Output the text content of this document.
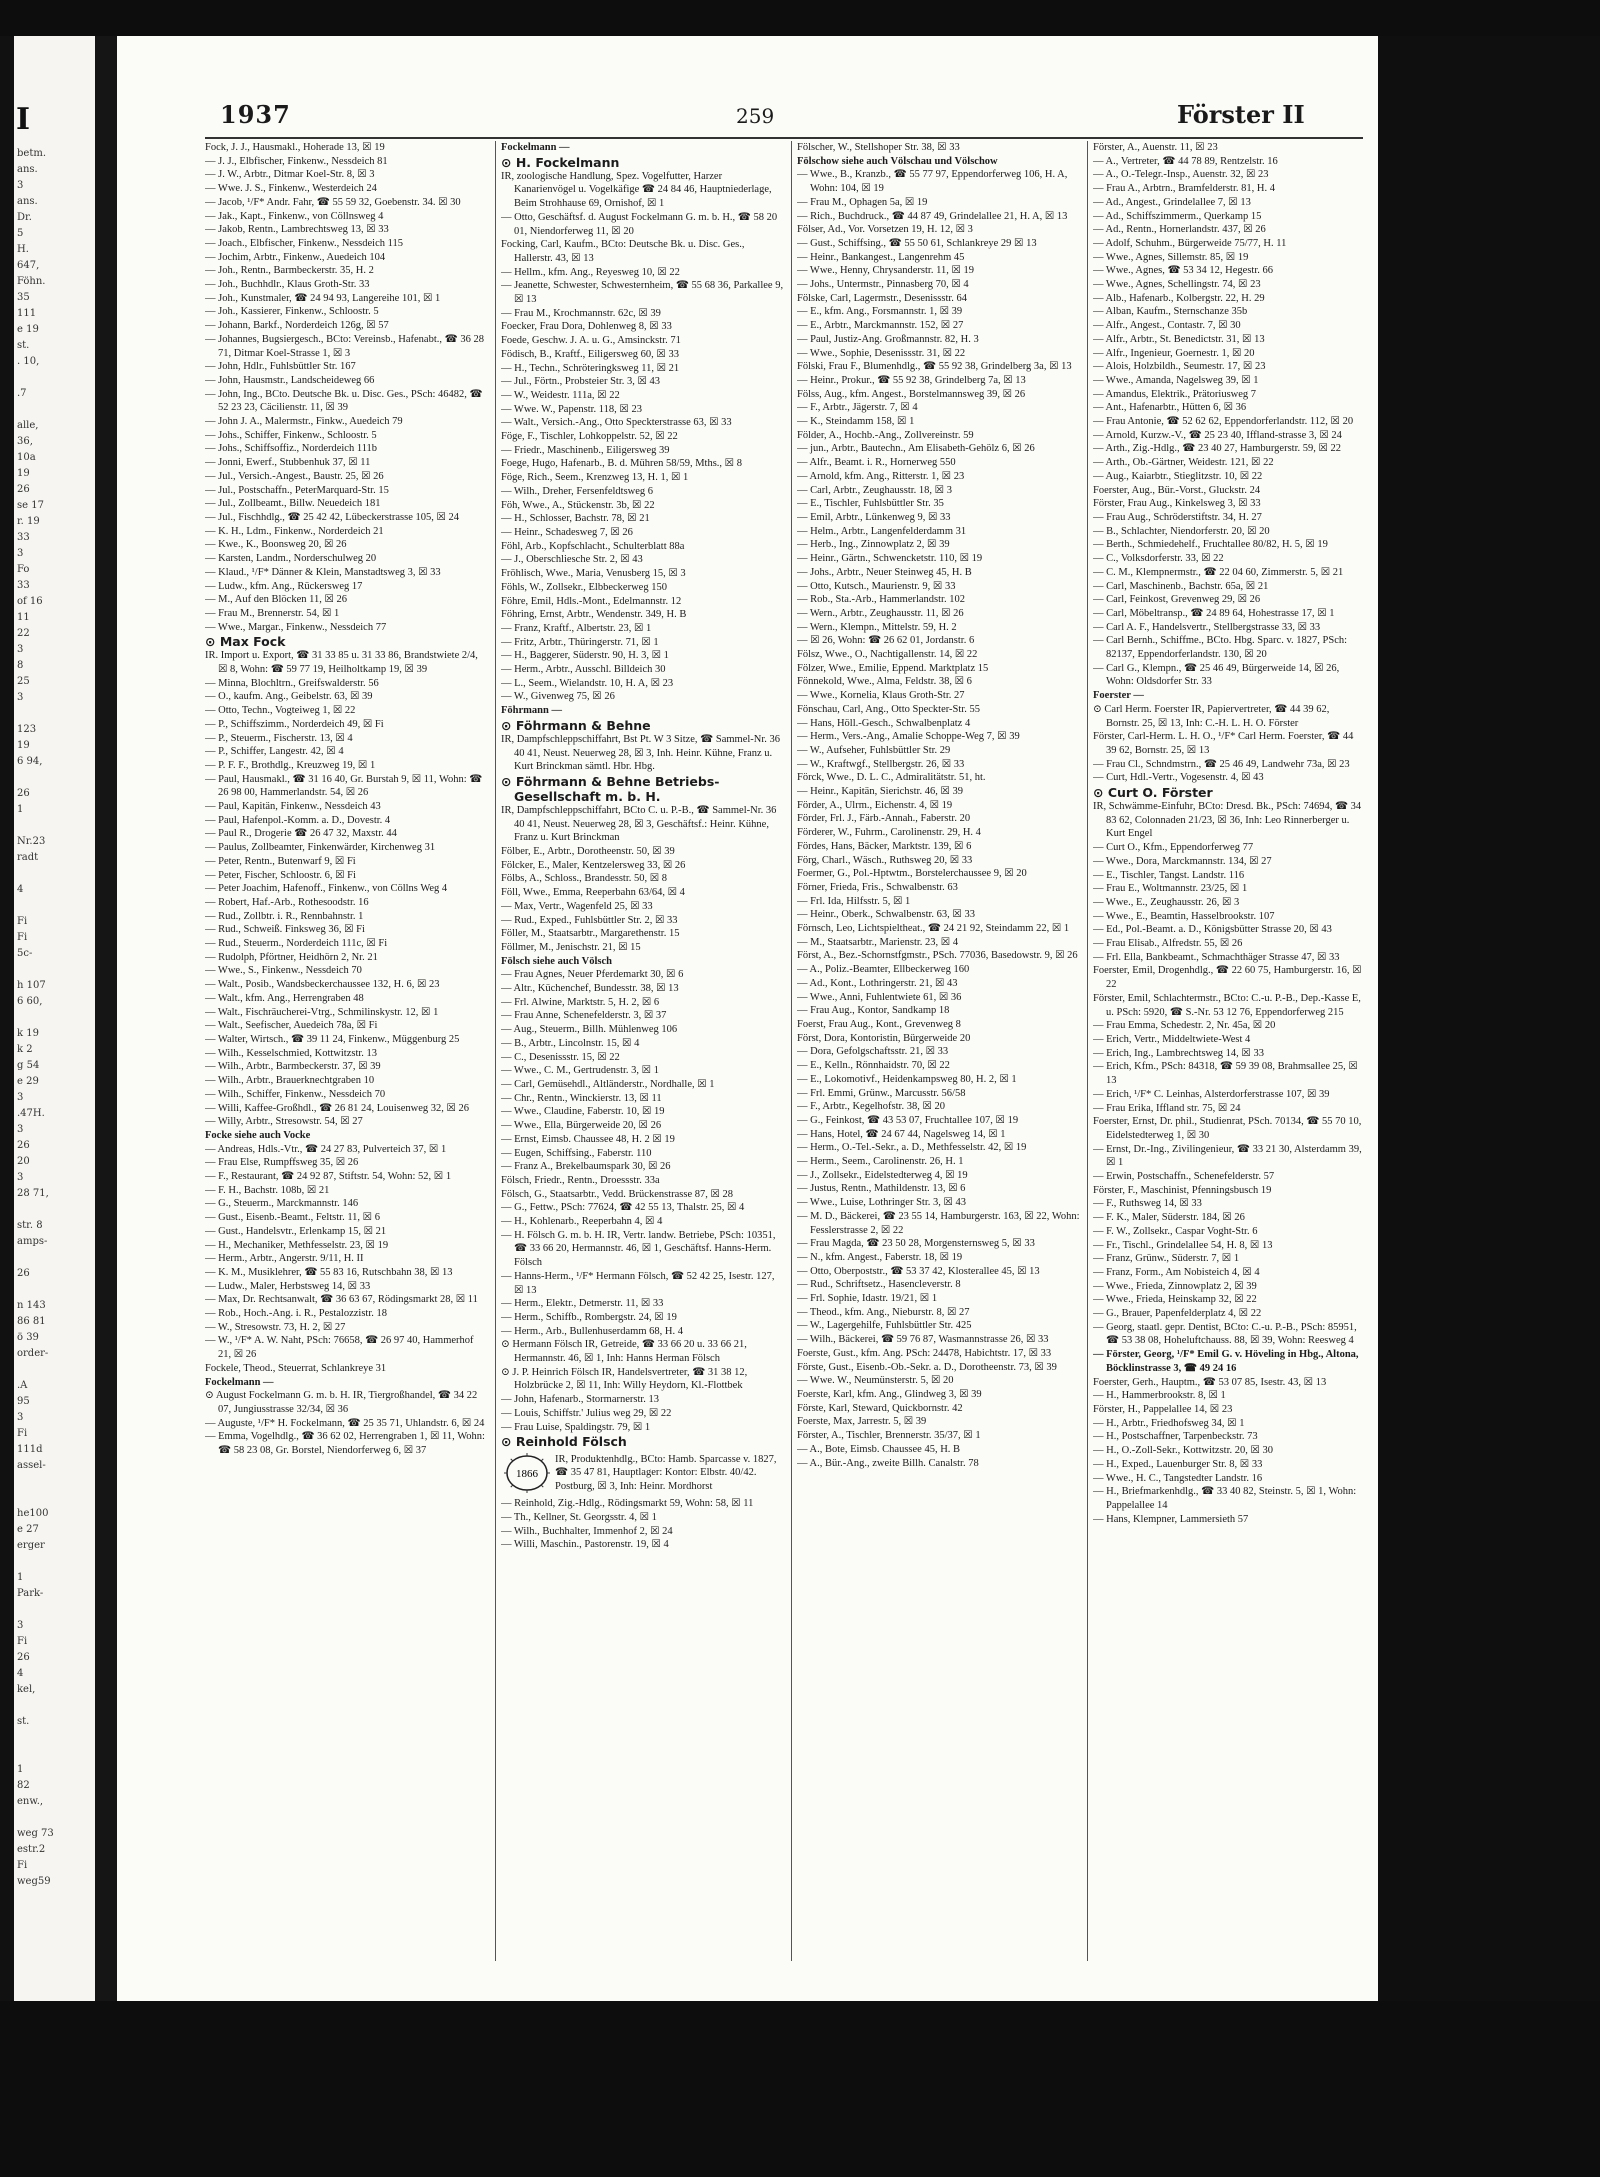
I
betm.
ans.
3
ans.
Dr.
5
H.
647,
Föhn.
35
111
e 19
st.
. 10,
.7
alle,
36,
10a
19
26
se 17
r. 19
33
3
Fo
33
of 16
11
22
3
8
25
3
123
19
6 94,
26
1
Nr.23
radt
4
Fi
Fi
5c-
h 107
6 60,
k 19
k 2
g 54
e 29
3
.47H.
3
26
20
3
28 71,
str. 8
amps-
26
n 143
86 81
ö 39
order-
.A
95
3
Fi
111d
assel-
he100
e 27
erger
1
Park-
3
Fi
26
4
kel,
st.
1
82
enw.,
weg 73
estr.2
Fi
weg59
1937	259	Förster II

Fock, J. J., Hausmakl., Hoherade 13, ☒ 19

— J. J., Elbfischer, Finkenw., Nessdeich 81

— J. W., Arbtr., Ditmar Koel-Str. 8, ☒ 3

— Wwe. J. S., Finkenw., Westerdeich 24

— Jacob, ¹/F* Andr. Fahr, ☎ 55 59 32, Goebenstr. 34. ☒ 30

— Jak., Kapt., Finkenw., von Cöllnsweg 4

— Jakob, Rentn., Lambrechtsweg 13, ☒ 33

— Joach., Elbfischer, Finkenw., Nessdeich 115

— Jochim, Arbtr., Finkenw., Auedeich 104

— Joh., Rentn., Barmbeckerstr. 35, H. 2

— Joh., Buchhdlr., Klaus Groth-Str. 33

— Joh., Kunstmaler, ☎ 24 94 93, Langereihe 101, ☒ 1

— Joh., Kassierer, Finkenw., Schloostr. 5

— Johann, Barkf., Norderdeich 126g, ☒ 57

— Johannes, Bugsiergesch., BCto: Vereinsb., Hafenabt., ☎ 36 28 71, Ditmar Koel-Strasse 1, ☒ 3

— John, Hdlr., Fuhlsbüttler Str. 167

— John, Hausmstr., Landscheideweg 66

— John, Ing., BCto. Deutsche Bk. u. Disc. Ges., PSch: 46482, ☎ 52 23 23, Cäcilienstr. 11, ☒ 39

— John J. A., Malermstr., Finkw., Auedeich 79

— Johs., Schiffer, Finkenw., Schloostr. 5

— Johs., Schiffsoffiz., Norderdeich 111b

— Jonni, Ewerf., Stubbenhuk 37, ☒ 11

— Jul., Versich.-Angest., Baustr. 25, ☒ 26

— Jul., Postschaffn., PeterMarquard-Str. 15

— Jul., Zollbeamt., Billw. Neuedeich 181

— Jul., Fischhdlg., ☎ 25 42 42, Lübeckerstrasse 105, ☒ 24

— K. H., Ldm., Finkenw., Norderdeich 21

— Kwe., K., Boonsweg 20, ☒ 26

— Karsten, Landm., Norderschulweg 20

— Klaud., ¹/F* Dänner & Klein, Manstadtsweg 3, ☒ 33

— Ludw., kfm. Ang., Rückersweg 17

— M., Auf den Blöcken 11, ☒ 26

— Frau M., Brennerstr. 54, ☒ 1

— Wwe., Margar., Finkenw., Nessdeich 77

⊙ Max Fock

IR. Import u. Export, ☎ 31 33 85 u. 31 33 86, Brandstwiete 2/4, ☒ 8, Wohn: ☎ 59 77 19, Heilholtkamp 19, ☒ 39

— Minna, Blochltrn., Greifswalderstr. 56

— O., kaufm. Ang., Geibelstr. 63, ☒ 39

— Otto, Techn., Vogteiweg 1, ☒ 22

— P., Schiffszimm., Norderdeich 49, ☒ Fi

— P., Steuerm., Fischerstr. 13, ☒ 4

— P., Schiffer, Langestr. 42, ☒ 4

— P. F. F., Brothdlg., Kreuzweg 19, ☒ 1

— Paul, Hausmakl., ☎ 31 16 40, Gr. Burstah 9, ☒ 11, Wohn: ☎ 26 98 00, Hammerlandstr. 54, ☒ 26

— Paul, Kapitän, Finkenw., Nessdeich 43

— Paul, Hafenpol.-Komm. a. D., Dovestr. 4

— Paul R., Drogerie ☎ 26 47 32, Maxstr. 44

— Paulus, Zollbeamter, Finkenwärder, Kirchenweg 31

— Peter, Rentn., Butenwarf 9, ☒ Fi

— Peter, Fischer, Schloostr. 6, ☒ Fi

— Peter Joachim, Hafenoff., Finkenw., von Cöllns Weg 4

— Robert, Haf.-Arb., Rothesoodstr. 16

— Rud., Zollbtr. i. R., Rennbahnstr. 1

— Rud., Schweiß. Finksweg 36, ☒ Fi

— Rud., Steuerm., Norderdeich 111c, ☒ Fi

— Rudolph, Pförtner, Heidhörn 2, Nr. 21

— Wwe., S., Finkenw., Nessdeich 70

— Walt., Posib., Wandsbeckerchaussee 132, H. 6, ☒ 23

— Walt., kfm. Ang., Herrengraben 48

— Walt., Fischräucherei-Vtrg., Schmilinskystr. 12, ☒ 1

— Walt., Seefischer, Auedeich 78a, ☒ Fi

— Walter, Wirtsch., ☎ 39 11 24, Finkenw., Müggenburg 25

— Wilh., Kesselschmied, Kottwitzstr. 13

— Wilh., Arbtr., Barmbeckerstr. 37, ☒ 39

— Wilh., Arbtr., Brauerknechtgraben 10

— Wilh., Schiffer, Finkenw., Nessdeich 70

— Willi, Kaffee-Großhdl., ☎ 26 81 24, Louisenweg 32, ☒ 26

— Willy, Arbtr., Stresowstr. 54, ☒ 27

Focke siehe auch Vocke

— Andreas, Hdls.-Vtr., ☎ 24 27 83, Pulverteich 37, ☒ 1

— Frau Else, Rumpffsweg 35, ☒ 26

— F., Restaurant, ☎ 24 92 87, Stiftstr. 54, Wohn: 52, ☒ 1

— F. H., Bachstr. 108b, ☒ 21

— G., Steuerm., Marckmannstr. 146

— Gust., Eisenb.-Beamt., Feltstr. 11, ☒ 6

— Gust., Handelsvtr., Erlenkamp 15, ☒ 21

— H., Mechaniker, Methfesselstr. 23, ☒ 19

— Herm., Arbtr., Angerstr. 9/11, H. II

— K. M., Musiklehrer, ☎ 55 83 16, Rutschbahn 38, ☒ 13

— Ludw., Maler, Herbstsweg 14, ☒ 33

— Max, Dr. Rechtsanwalt, ☎ 36 63 67, Rödingsmarkt 28, ☒ 11

— Rob., Hoch.-Ang. i. R., Pestalozzistr. 18

— W., Stresowstr. 73, H. 2, ☒ 27

— W., ¹/F* A. W. Naht, PSch: 76658, ☎ 26 97 40, Hammerhof 21, ☒ 26

Fockele, Theod., Steuerrat, Schlankreye 31

Fockelmann —

⊙ August Fockelmann G. m. b. H. IR, Tiergroßhandel, ☎ 34 22 07, Jungiusstrasse 32/34, ☒ 36

— Auguste, ¹/F* H. Fockelmann, ☎ 25 35 71, Uhlandstr. 6, ☒ 24

— Emma, Vogelhdlg., ☎ 36 62 02, Herrengraben 1, ☒ 11, Wohn: ☎ 58 23 08, Gr. Borstel, Niendorferweg 6, ☒ 37

Fockelmann —

⊙ H. Fockelmann

IR, zoologische Handlung, Spez. Vogelfutter, Harzer Kanarienvögel u. Vogelkäfige ☎ 24 84 46, Hauptniederlage, Beim Strohhause 69, Ornishof, ☒ 1

— Otto, Geschäftsf. d. August Fockelmann G. m. b. H., ☎ 58 20 01, Niendorferweg 11, ☒ 20

Focking, Carl, Kaufm., BCto: Deutsche Bk. u. Disc. Ges., Hallerstr. 43, ☒ 13

— Hellm., kfm. Ang., Reyesweg 10, ☒ 22

— Jeanette, Schwester, Schwesternheim, ☎ 55 68 36, Parkallee 9, ☒ 13

— Frau M., Krochmannstr. 62c, ☒ 39

Foecker, Frau Dora, Dohlenweg 8, ☒ 33

Foede, Geschw. J. A. u. G., Amsinckstr. 71

Födisch, B., Kraftf., Eiligersweg 60, ☒ 33

— H., Techn., Schröteringksweg 11, ☒ 21

— Jul., Förtn., Probsteier Str. 3, ☒ 43

— W., Weidestr. 111a, ☒ 22

— Wwe. W., Papenstr. 118, ☒ 23

— Walt., Versich.-Ang., Otto Speckterstrasse 63, ☒ 33

Föge, F., Tischler, Lohkoppelstr. 52, ☒ 22

— Friedr., Maschinenb., Eiligersweg 39

Foege, Hugo, Hafenarb., B. d. Mühren 58/59, Mths., ☒ 8

Föge, Rich., Seem., Krenzweg 13, H. 1, ☒ 1

— Wilh., Dreher, Fersenfeldtsweg 6

Föh, Wwe., A., Stückenstr. 3b, ☒ 22

— H., Schlosser, Bachstr. 78, ☒ 21

— Heinr., Schadesweg 7, ☒ 26

Föhl, Arb., Kopfschlacht., Schulterblatt 88a

— J., Oberschliesche Str. 2, ☒ 43

Fröhlisch, Wwe., Maria, Venusberg 15, ☒ 3

Föhls, W., Zollsekr., Elbbeckerweg 150

Föhre, Emil, Hdls.-Mont., Edelmannstr. 12

Föhring, Ernst, Arbtr., Wendenstr. 349, H. B

— Franz, Kraftf., Albertstr. 23, ☒ 1

— Fritz, Arbtr., Thüringerstr. 71, ☒ 1

— H., Baggerer, Süderstr. 90, H. 3, ☒ 1

— Herm., Arbtr., Ausschl. Billdeich 30

— L., Seem., Wielandstr. 10, H. A, ☒ 23

— W., Givenweg 75, ☒ 26

Föhrmann —

⊙ Föhrmann & Behne

IR, Dampfschleppschiffahrt, Bst Pt. W 3 Sitze, ☎ Sammel-Nr. 36 40 41, Neust. Neuerweg 28, ☒ 3, Inh. Heinr. Kühne, Franz u. Kurt Brinckman sämtl. Hbr. Hbg.

⊙ Föhrmann & Behne Betriebs-Gesellschaft m. b. H.

IR, Dampfschleppschiffahrt, BCto C. u. P.-B., ☎ Sammel-Nr. 36 40 41, Neust. Neuerweg 28, ☒ 3, Geschäftsf.: Heinr. Kühne, Franz u. Kurt Brinckman

Fölber, E., Arbtr., Dorotheenstr. 50, ☒ 39

Fölcker, E., Maler, Kentzelersweg 33, ☒ 26

Fölbs, A., Schloss., Brandesstr. 50, ☒ 8

Föll, Wwe., Emma, Reeperbahn 63/64, ☒ 4

— Max, Vertr., Wagenfeld 25, ☒ 33

— Rud., Exped., Fuhlsbüttler Str. 2, ☒ 33

Föller, M., Staatsarbtr., Margarethenstr. 15

Föllmer, M., Jenischstr. 21, ☒ 15

Fölsch siehe auch Völsch

— Frau Agnes, Neuer Pferdemarkt 30, ☒ 6

— Altr., Küchenchef, Bundesstr. 38, ☒ 13

— Frl. Alwine, Marktstr. 5, H. 2, ☒ 6

— Frau Anne, Schenefelderstr. 3, ☒ 37

— Aug., Steuerm., Billh. Mühlenweg 106

— B., Arbtr., Lincolnstr. 15, ☒ 4

— C., Desenissstr. 15, ☒ 22

— Wwe., C. M., Gertrudenstr. 3, ☒ 1

— Carl, Gemüsehdl., Altländerstr., Nordhalle, ☒ 1

— Chr., Rentn., Winckierstr. 13, ☒ 11

— Wwe., Claudine, Faberstr. 10, ☒ 19

— Wwe., Ella, Bürgerweide 20, ☒ 26

— Ernst, Eimsb. Chaussee 48, H. 2 ☒ 19

— Eugen, Schiffsing., Faberstr. 110

— Franz A., Brekelbaumspark 30, ☒ 26

Fölsch, Friedr., Rentn., Droessstr. 33a

Fölsch, G., Staatsarbtr., Vedd. Brückenstrasse 87, ☒ 28

— G., Fettw., PSch: 77624, ☎ 42 55 13, Thalstr. 25, ☒ 4

— H., Kohlenarb., Reeperbahn 4, ☒ 4

— H. Fölsch G. m. b. H. IR, Vertr. landw. Betriebe, PSch: 10351, ☎ 33 66 20, Hermannstr. 46, ☒ 1, Geschäftsf. Hanns-Herm. Fölsch

— Hanns-Herm., ¹/F* Hermann Fölsch, ☎ 52 42 25, Isestr. 127, ☒ 13

— Herm., Elektr., Detmerstr. 11, ☒ 33

— Herm., Schiffb., Rombergstr. 24, ☒ 19

— Herm., Arb., Bullenhuserdamm 68, H. 4

⊙ Hermann Fölsch IR, Getreide, ☎ 33 66 20 u. 33 66 21, Hermannstr. 46, ☒ 1, Inh: Hanns Herman Fölsch

⊙ J. P. Heinrich Fölsch IR, Handelsvertreter, ☎ 31 38 12, Holzbrücke 2, ☒ 11, Inh: Willy Heydorn, Kl.-Flottbek

— John, Hafenarb., Stormarnerstr. 13

— Louis, Schiffstr.' Julius weg 29, ☒ 22

— Frau Luise, Spaldingstr. 79, ☒ 1

⊙ Reinhold Fölsch

1866
IR, Produktenhdlg., BCto: Hamb. Sparcasse v. 1827, ☎ 35 47 81, Hauptlager: Kontor: Elbstr. 40/42. Postburg, ☒ 3, Inh: Heinr. Mordhorst

— Reinhold, Zig.-Hdlg., Rödingsmarkt 59, Wohn: 58, ☒ 11

— Th., Kellner, St. Georgsstr. 4, ☒ 1

— Wilh., Buchhalter, Immenhof 2, ☒ 24

— Willi, Maschin., Pastorenstr. 19, ☒ 4

Fölscher, W., Stellshoper Str. 38, ☒ 33

Fölschow siehe auch Völschau und Völschow

— Wwe., B., Kranzb., ☎ 55 77 97, Eppendorferweg 106, H. A, Wohn: 104, ☒ 19

— Frau M., Ophagen 5a, ☒ 19

— Rich., Buchdruck., ☎ 44 87 49, Grindelallee 21, H. A, ☒ 13

Fölser, Ad., Vor. Vorsetzen 19, H. 12, ☒ 3

— Gust., Schiffsing., ☎ 55 50 61, Schlankreye 29 ☒ 13

— Heinr., Bankangest., Langenrehm 45

— Wwe., Henny, Chrysanderstr. 11, ☒ 19

— Johs., Untermstr., Pinnasberg 70, ☒ 4

Fölske, Carl, Lagermstr., Desenissstr. 64

— E., kfm. Ang., Forsmannstr. 1, ☒ 39

— E., Arbtr., Marckmannstr. 152, ☒ 27

— Paul, Justiz-Ang. Großmannstr. 82, H. 3

— Wwe., Sophie, Desenissstr. 31, ☒ 22

Fölski, Frau F., Blumenhdlg., ☎ 55 92 38, Grindelberg 3a, ☒ 13

— Heinr., Prokur., ☎ 55 92 38, Grindelberg 7a, ☒ 13

Fölss, Aug., kfm. Angest., Borstelmannsweg 39, ☒ 26

— F., Arbtr., Jägerstr. 7, ☒ 4

— K., Steindamm 158, ☒ 1

Földer, A., Hochb.-Ang., Zollvereinstr. 59

— jun., Arbtr., Bautechn., Am Elisabeth-Gehölz 6, ☒ 26

— Alfr., Beamt. i. R., Hornerweg 550

— Arnold, kfm. Ang., Ritterstr. 1, ☒ 23

— Carl, Arbtr., Zeughausstr. 18, ☒ 3

— E., Tischler, Fuhlsbüttler Str. 35

— Emil, Arbtr., Lünkenweg 9, ☒ 33

— Helm., Arbtr., Langenfelderdamm 31

— Herb., Ing., Zinnowplatz 2, ☒ 39

— Heinr., Gärtn., Schwencketstr. 110, ☒ 19

— Johs., Arbtr., Neuer Steinweg 45, H. B

— Otto, Kutsch., Maurienstr. 9, ☒ 33

— Rob., Sta.-Arb., Hammerlandstr. 102

— Wern., Arbtr., Zeughausstr. 11, ☒ 26

— Wern., Klempn., Mittelstr. 59, H. 2

— ☒ 26, Wohn: ☎ 26 62 01, Jordanstr. 6

Fölsz, Wwe., O., Nachtigallenstr. 14, ☒ 22

Fölzer, Wwe., Emilie, Eppend. Marktplatz 15

Fönnekold, Wwe., Alma, Feldstr. 38, ☒ 6

— Wwe., Kornelia, Klaus Groth-Str. 27

Fönschau, Carl, Ang., Otto Speckter-Str. 55

— Hans, Höll.-Gesch., Schwalbenplatz 4

— Herm., Vers.-Ang., Amalie Schoppe-Weg 7, ☒ 39

— W., Aufseher, Fuhlsbüttler Str. 29

— W., Kraftwgf., Stellbergstr. 26, ☒ 33

Förck, Wwe., D. L. C., Admiralitätstr. 51, ht.

— Heinr., Kapitän, Sierichstr. 46, ☒ 39

Förder, A., Ulrm., Eichenstr. 4, ☒ 19

Förder, Frl. J., Färb.-Annah., Faberstr. 20

Förderer, W., Fuhrm., Carolinenstr. 29, H. 4

Fördes, Hans, Bäcker, Marktstr. 139, ☒ 6

Förg, Charl., Wäsch., Ruthsweg 20, ☒ 33

Foermer, G., Pol.-Hptwtm., Borstelerchaussee 9, ☒ 20

Förner, Frieda, Fris., Schwalbenstr. 63

— Frl. Ida, Hilfsstr. 5, ☒ 1

— Heinr., Oberk., Schwalbenstr. 63, ☒ 33

Förnsch, Leo, Lichtspieltheat., ☎ 24 21 92, Steindamm 22, ☒ 1

— M., Staatsarbtr., Marienstr. 23, ☒ 4

Först, A., Bez.-Schornstfgmstr., PSch. 77036, Basedowstr. 9, ☒ 26

— A., Poliz.-Beamter, Ellbeckerweg 160

— Ad., Kont., Lothringerstr. 21, ☒ 43

— Wwe., Anni, Fuhlentwiete 61, ☒ 36

— Frau Aug., Kontor, Sandkamp 18

Foerst, Frau Aug., Kont., Grevenweg 8

Först, Dora, Kontoristin, Bürgerweide 20

— Dora, Gefolgschaftsstr. 21, ☒ 33

— E., Kelln., Rönnhaidstr. 70, ☒ 22

— E., Lokomotivf., Heidenkampsweg 80, H. 2, ☒ 1

— Frl. Emmi, Grünw., Marcusstr. 56/58

— F., Arbtr., Kegelhofstr. 38, ☒ 20

— G., Feinkost, ☎ 43 53 07, Fruchtallee 107, ☒ 19

— Hans, Hotel, ☎ 24 67 44, Nagelsweg 14, ☒ 1

— Herm., O.-Tel.-Sekr., a. D., Methfesselstr. 42, ☒ 19

— Herm., Seem., Carolinenstr. 26, H. 1

— J., Zollsekr., Eidelstedterweg 4, ☒ 19

— Justus, Rentn., Mathildenstr. 13, ☒ 6

— Wwe., Luise, Lothringer Str. 3, ☒ 43

— M. D., Bäckerei, ☎ 23 55 14, Hamburgerstr. 163, ☒ 22, Wohn: Fesslerstrasse 2, ☒ 22

— Frau Magda, ☎ 23 50 28, Morgensternsweg 5, ☒ 33

— N., kfm. Angest., Faberstr. 18, ☒ 19

— Otto, Oberpoststr., ☎ 53 37 42, Klosterallee 45, ☒ 13

— Rud., Schriftsetz., Hasencleverstr. 8

— Frl. Sophie, Idastr. 19/21, ☒ 1

— Theod., kfm. Ang., Nieburstr. 8, ☒ 27

— W., Lagergehilfe, Fuhlsbüttler Str. 425

— Wilh., Bäckerei, ☎ 59 76 87, Wasmannstrasse 26, ☒ 33

Foerste, Gust., kfm. Ang. PSch: 24478, Habichtstr. 17, ☒ 33

Förste, Gust., Eisenb.-Ob.-Sekr. a. D., Dorotheenstr. 73, ☒ 39

— Wwe. W., Neumünsterstr. 5, ☒ 20

Foerste, Karl, kfm. Ang., Glindweg 3, ☒ 39

Förste, Karl, Steward, Quickbornstr. 42

Foerste, Max, Jarrestr. 5, ☒ 39

Förster, A., Tischler, Brennerstr. 35/37, ☒ 1

— A., Bote, Eimsb. Chaussee 45, H. B

— A., Bür.-Ang., zweite Billh. Canalstr. 78

Förster, A., Auenstr. 11, ☒ 23

— A., Vertreter, ☎ 44 78 89, Rentzelstr. 16

— A., O.-Telegr.-Insp., Auenstr. 32, ☒ 23

— Frau A., Arbtrn., Bramfelderstr. 81, H. 4

— Ad., Angest., Grindelallee 7, ☒ 13

— Ad., Schiffszimmerm., Querkamp 15

— Ad., Rentn., Hornerlandstr. 437, ☒ 26

— Adolf, Schuhm., Bürgerweide 75/77, H. 11

— Wwe., Agnes, Sillemstr. 85, ☒ 19

— Wwe., Agnes, ☎ 53 34 12, Hegestr. 66

— Wwe., Agnes, Schellingstr. 74, ☒ 23

— Alb., Hafenarb., Kolbergstr. 22, H. 29

— Alban, Kaufm., Sternschanze 35b

— Alfr., Angest., Contastr. 7, ☒ 30

— Alfr., Arbtr., St. Benedictstr. 31, ☒ 13

— Alfr., Ingenieur, Goernestr. 1, ☒ 20

— Alois, Holzbildh., Seumestr. 17, ☒ 23

— Wwe., Amanda, Nagelsweg 39, ☒ 1

— Amandus, Elektrik., Prätoriusweg 7

— Ant., Hafenarbtr., Hütten 6, ☒ 36

— Frau Antonie, ☎ 52 62 62, Eppendorferlandstr. 112, ☒ 20

— Arnold, Kurzw.-V., ☎ 25 23 40, Iffland-strasse 3, ☒ 24

— Arth., Zig.-Hdlg., ☎ 23 40 27, Hamburgerstr. 59, ☒ 22

— Arth., Ob.-Gärtner, Weidestr. 121, ☒ 22

— Aug., Kaiarbtr., Stieglitzstr. 10, ☒ 22

Foerster, Aug., Bür.-Vorst., Gluckstr. 24

Förster, Frau Aug., Kinkelsweg 3, ☒ 33

— Frau Aug., Schröderstiftstr. 34, H. 27

— B., Schlachter, Niendorferstr. 20, ☒ 20

— Berth., Schmiedehelf., Fruchtallee 80/82, H. 5, ☒ 19

— C., Volksdorferstr. 33, ☒ 22

— C. M., Klempnermstr., ☎ 22 04 60, Zimmerstr. 5, ☒ 21

— Carl, Maschinenb., Bachstr. 65a, ☒ 21

— Carl, Feinkost, Grevenweg 29, ☒ 26

— Carl, Möbeltransp., ☎ 24 89 64, Hohestrasse 17, ☒ 1

— Carl A. F., Handelsvertr., Stellbergstrasse 33, ☒ 33

— Carl Bernh., Schiffme., BCto. Hbg. Sparc. v. 1827, PSch: 82137, Eppendorferlandstr. 130, ☒ 20

— Carl G., Klempn., ☎ 25 46 49, Bürgerweide 14, ☒ 26, Wohn: Oldsdorfer Str. 33

Foerster —

⊙ Carl Herm. Foerster IR, Papiervertreter, ☎ 44 39 62, Bornstr. 25, ☒ 13, Inh: C.-H. L. H. O. Förster

Förster, Carl-Herm. L. H. O., ¹/F* Carl Herm. Foerster, ☎ 44 39 62, Bornstr. 25, ☒ 13

— Frau Cl., Schndmstrn., ☎ 25 46 49, Landwehr 73a, ☒ 23

— Curt, Hdl.-Vertr., Vogesenstr. 4, ☒ 43

⊙ Curt O. Förster

IR, Schwämme-Einfuhr, BCto: Dresd. Bk., PSch: 74694, ☎ 34 83 62, Colonnaden 21/23, ☒ 36, Inh: Leo Rinnerberger u. Kurt Engel

— Curt O., Kfm., Eppendorferweg 77

— Wwe., Dora, Marckmannstr. 134, ☒ 27

— E., Tischler, Tangst. Landstr. 116

— Frau E., Woltmannstr. 23/25, ☒ 1

— Wwe., E., Zeughausstr. 26, ☒ 3

— Wwe., E., Beamtin, Hasselbrookstr. 107

— Ed., Pol.-Beamt. a. D., Königsbütter Strasse 20, ☒ 43

— Frau Elisab., Alfredstr. 55, ☒ 26

— Frl. Ella, Bankbeamt., Schmachthäger Strasse 47, ☒ 33

Foerster, Emil, Drogenhdlg., ☎ 22 60 75, Hamburgerstr. 16, ☒ 22

Förster, Emil, Schlachtermstr., BCto: C.-u. P.-B., Dep.-Kasse E, u. PSch: 5920, ☎ S.-Nr. 53 12 76, Eppendorferweg 215

— Frau Emma, Schedestr. 2, Nr. 45a, ☒ 20

— Erich, Vertr., Middeltwiete-West 4

— Erich, Ing., Lambrechtsweg 14, ☒ 33

— Erich, Kfm., PSch: 84318, ☎ 59 39 08, Brahmsallee 25, ☒ 13

— Erich, ¹/F* C. Leinhas, Alsterdorferstrasse 107, ☒ 39

— Frau Erika, Iffland str. 75, ☒ 24

Foerster, Ernst, Dr. phil., Studienrat, PSch. 70134, ☎ 55 70 10, Eidelstedterweg 1, ☒ 30

— Ernst, Dr.-Ing., Zivilingenieur, ☎ 33 21 30, Alsterdamm 39, ☒ 1

— Erwin, Postschaffn., Schenefelderstr. 57

Förster, F., Maschinist, Pfenningsbusch 19

— F., Ruthsweg 14, ☒ 33

— F. K., Maler, Süderstr. 184, ☒ 26

— F. W., Zollsekr., Caspar Voght-Str. 6

— Fr., Tischl., Grindelallee 54, H. 8, ☒ 13

— Franz, Grünw., Süderstr. 7, ☒ 1

— Franz, Form., Am Nobisteich 4, ☒ 4

— Wwe., Frieda, Zinnowplatz 2, ☒ 39

— Wwe., Frieda, Heinskamp 32, ☒ 22

— G., Brauer, Papenfelderplatz 4, ☒ 22

— Georg, staatl. gepr. Dentist, BCto: C.-u. P.-B., PSch: 85951, ☎ 53 38 08, Hoheluftchauss. 88, ☒ 39, Wohn: Reesweg 4

— Förster, Georg, ¹/F* Emil G. v. Höveling in Hbg., Altona, Böcklinstrasse 3, ☎ 49 24 16

Foerster, Gerh., Hauptm., ☎ 53 07 85, Isestr. 43, ☒ 13

— H., Hammerbrookstr. 8, ☒ 1

Förster, H., Pappelallee 14, ☒ 23

— H., Arbtr., Friedhofsweg 34, ☒ 1

— H., Postschaffner, Tarpenbeckstr. 73

— H., O.-Zoll-Sekr., Kottwitzstr. 20, ☒ 30

— H., Exped., Lauenburger Str. 8, ☒ 33

— Wwe., H. C., Tangstedter Landstr. 16

— H., Briefmarkenhdlg., ☎ 33 40 82, Steinstr. 5, ☒ 1, Wohn: Pappelallee 14

— Hans, Klempner, Lammersieth 57
